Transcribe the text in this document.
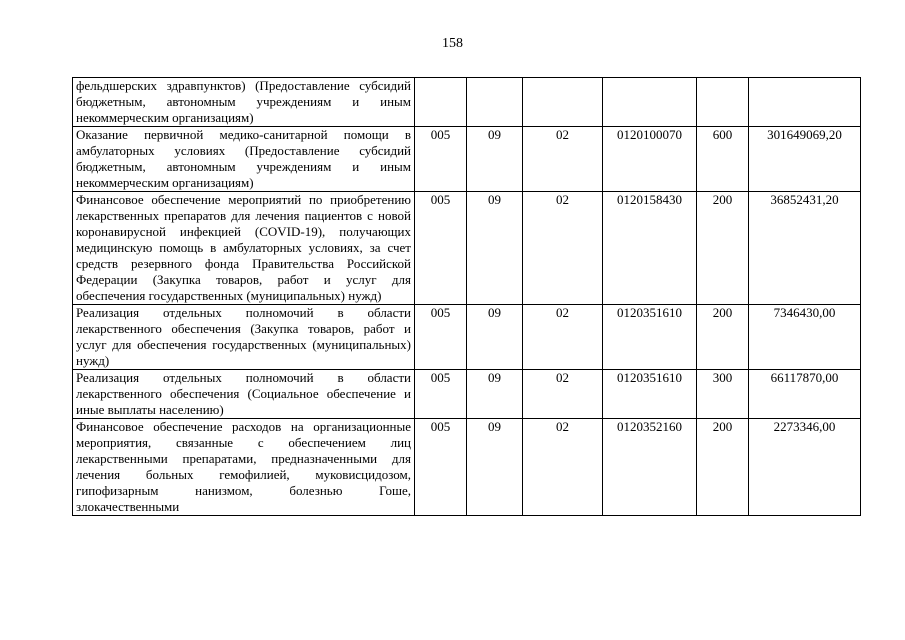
158
фельдшерских здравпунктов) (Предоставление субсидий бюджетным, автономным учреждениям и иным некоммерческим организациям)						
Оказание первичной медико-санитарной помощи в амбулаторных условиях (Предоставление субсидий бюджетным, автономным учреждениям и иным некоммерческим организациям)	005	09	02	0120100070	600	301649069,20
Финансовое обеспечение мероприятий по приобретению лекарственных препаратов для лечения пациентов с новой коронавирусной инфекцией (COVID-19), получающих медицинскую помощь в амбулаторных условиях, за счет средств резервного фонда Правительства Российской Федерации (Закупка товаров, работ и услуг для обеспечения государственных (муниципальных) нужд)	005	09	02	0120158430	200	36852431,20
Реализация отдельных полномочий в области лекарственного обеспечения (Закупка товаров, работ и услуг для обеспечения государственных (муниципальных) нужд)	005	09	02	0120351610	200	7346430,00
Реализация отдельных полномочий в области лекарственного обеспечения (Социальное обеспечение и иные выплаты населению)	005	09	02	0120351610	300	66117870,00
Финансовое обеспечение расходов на организационные мероприятия, связанные с обеспечением лиц лекарственными препаратами, предназначенными для лечения больных гемофилией, муковисцидозом, гипофизарным нанизмом, болезнью Гоше, злокачественными	005	09	02	0120352160	200	2273346,00
